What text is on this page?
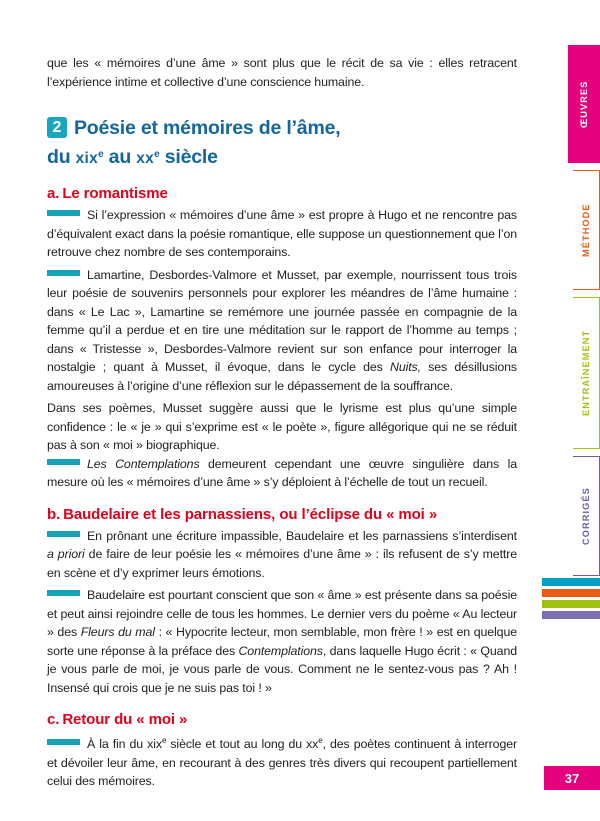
que les « mémoires d’une âme » sont plus que le récit de sa vie : elles retracent l’expérience intime et collective d’une conscience humaine.

2 Poésie et mémoires de l’âme,
du xix$^e$ au $xx^e$ siècle
a. Le romantisme

Si l’expression « mémoires d’une âme » est propre à Hugo et ne rencontre pas d’équivalent exact dans la poésie romantique, elle suppose un questionnement que l’on retrouve chez nombre de ses contemporains.

Lamartine, Desbordes-Valmore et Musset, par exemple, nourrissent tous trois leur poésie de souvenirs personnels pour explorer les méandres de l’âme humaine : dans « Le Lac », Lamartine se remémore une journée passée en compagnie de la femme qu’il a perdue et en tire une méditation sur le rapport de l’homme au temps ; dans « Tristesse », Desbordes-Valmore revient sur son enfance pour interroger la nostalgie ; quant à Musset, il évoque, dans le cycle des Nuits, ses désillusions amoureuses à l’origine d’une réflexion sur le dépassement de la souffrance.

Dans ses poèmes, Musset suggère aussi que le lyrisme est plus qu’une simple confidence : le « je » qui s’exprime est « le poète », figure allégorique qui ne se réduit pas à son « moi » biographique.

Les Contemplations demeurent cependant une œuvre singulière dans la mesure où les « mémoires d’une âme » s’y déploient à l’échelle de tout un recueil.

b. Baudelaire et les parnassiens, ou l’éclipse du « moi »

En prônant une écriture impassible, Baudelaire et les parnassiens s’interdisent a priori de faire de leur poésie les « mémoires d’une âme » : ils refusent de s’y mettre en scène et d’y exprimer leurs émotions.

Baudelaire est pourtant conscient que son « âme » est présente dans sa poésie et peut ainsi rejoindre celle de tous les hommes. Le dernier vers du poème « Au lecteur » des Fleurs du mal : « Hypocrite lecteur, mon semblable, mon frère ! » est en quelque sorte une réponse à la préface des Contemplations, dans laquelle Hugo écrit : « Quand je vous parle de moi, je vous parle de vous. Comment ne le sentez-vous pas ? Ah ! Insensé qui crois que je ne suis pas toi ! »

c. Retour du « moi »

À la fin du xix$^e$ siècle et tout au long du $xx^e$, des poètes continuent à interroger et dévoiler leur âme, en recourant à des genres très divers qui recoupent partiellement celui des mémoires.

ŒUVRES
MÉTHODE
ENTRAÎNEMENT
CORRIGÉS
37
